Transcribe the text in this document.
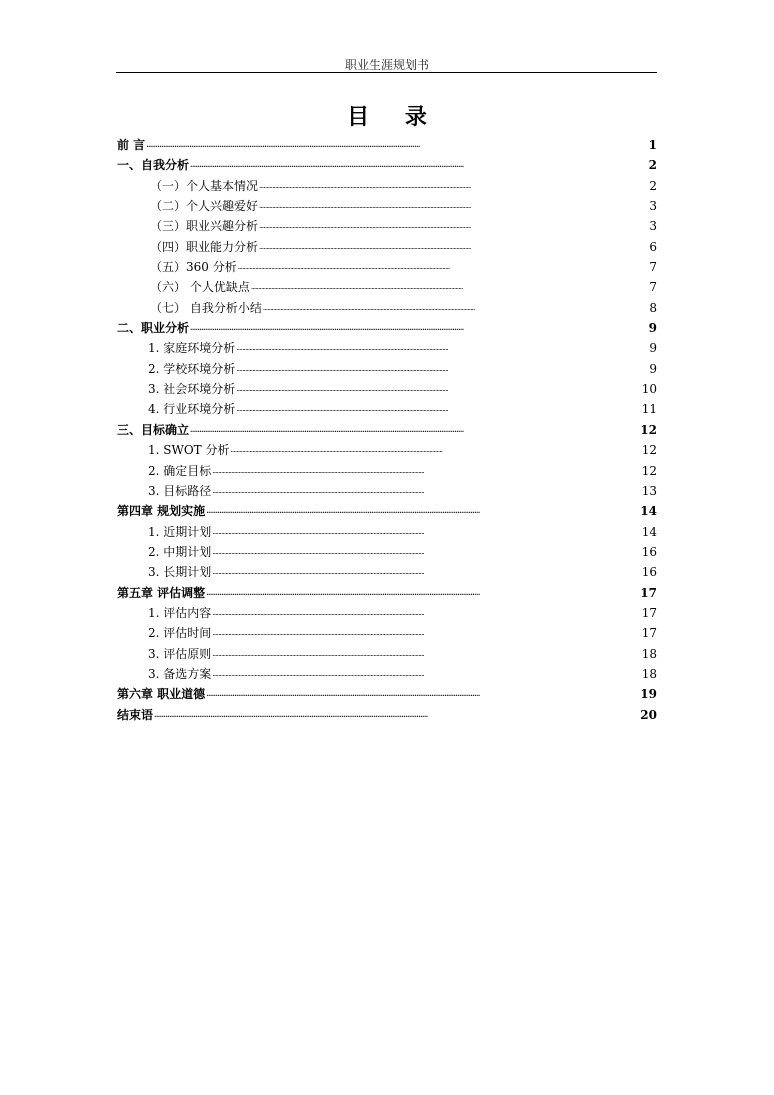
职业生涯规划书
目 录
前 言 . . .	1
一、自我分析 . . .	2
（一）个人基本情况 . . .	2
（二）个人兴趣爱好 . . .	3
（三）职业兴趣分析 . . .	3
（四）职业能力分析 . . .	6
（五）360 分析 . . .	7
（六） 个人优缺点 . . .	7
（七） 自我分析小结 . . .	8
二、职业分析 . . .	9
1. 家庭环境分析 . . .	9
2. 学校环境分析 . . .	9
3. 社会环境分析 . . .	10
4. 行业环境分析 . . .	11
三、目标确立 . . .	12
1. SWOT 分析 . . .	12
2. 确定目标 . . .	12
3. 目标路径 . . .	13
第四章 规划实施 . . .	14
1. 近期计划 . . .	14
2. 中期计划 . . .	16
3. 长期计划 . . .	16
第五章 评估调整 . . .	17
1. 评估内容 . . .	17
2. 评估时间 . . .	17
3. 评估原则 . . .	18
3. 备选方案 . . .	18
第六章 职业道德 . . .	19
结束语 . . .	20
